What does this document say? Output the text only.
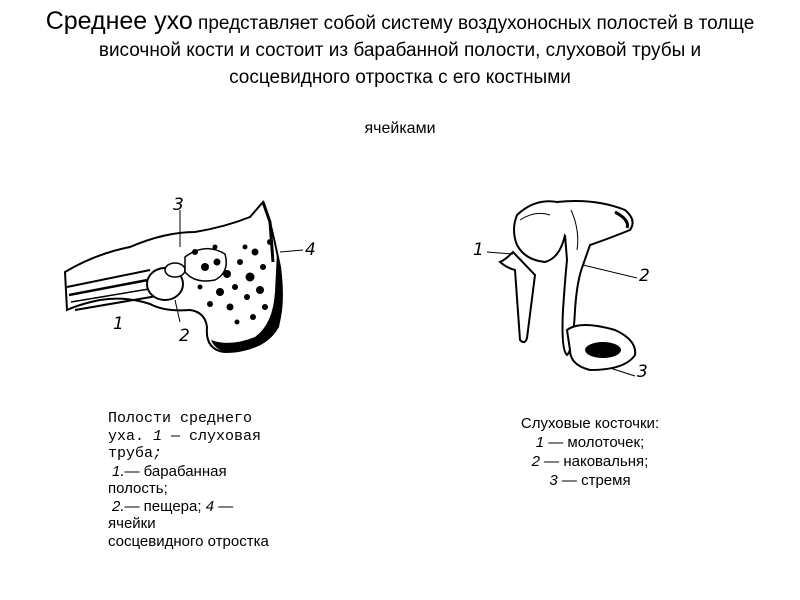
Среднее ухо представляет собой систему воздухоносных полостей в толще височной кости и состоит из барабанной полости, слуховой трубы и сосцевидного отростка с его костными
ячейками
3
4
1
2
1
2
3
Полости среднего
уха. 1 — слуховая
труба;
1.— барабанная
полость;
2.— пещера; 4 —
ячейки
сосцевидного отростка
Слуховые косточки:
1 — молоточек;
2 — наковальня;
3 — стремя
